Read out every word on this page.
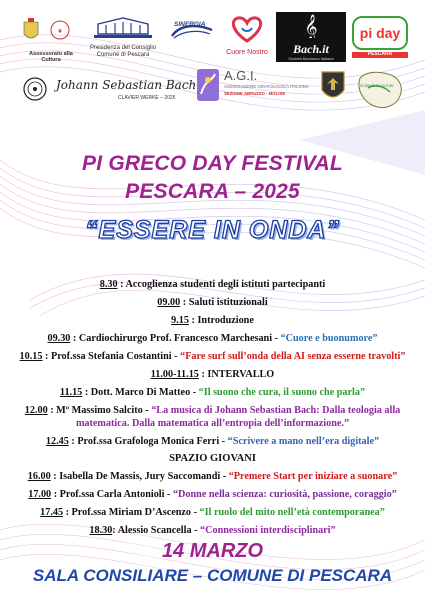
❦
Assessorato alla Cultura
Presidenza del Consiglio
Comune di Pescara
SINERGIA
Cuore Nostro
𝄞
Bach.it
Società Bachiana Italiana
pi day
PESCARA
Johann Sebastian Bach
CLAVIER WERKE – 2025
A.G.I.
ASSOCIAZIONE GRAFOLOGICA ITALIANA
SEZIONE ABRUZZO - MOLISE
SCIENZE DI FUTURI
PI GRECO DAY FESTIVAL
PESCARA – 2025
“ESSERE IN ONDA”
8.30 : Accoglienza studenti degli istituti partecipanti
09.00 : Saluti istituzionali
9.15 : Introduzione
09.30 : Cardiochirurgo Prof. Francesco Marchesani - “Cuore e buonumore”
10.15 : Prof.ssa Stefania Costantini - “Fare surf sull’onda della AI senza esserne travolti”
11.00-11.15 : INTERVALLO
11.15 : Dott. Marco Di Matteo - “Il suono che cura, il suono che parla”
12.00 : Mº Massimo Salcito - “La musica di Johann Sebastian Bach: Dalla teologia alla
matematica. Dalla matematica all’entropia dell’informazione.”
12.45 : Prof.ssa Grafologa Monica Ferri - “Scrivere a mano nell’era digitale”
SPAZIO GIOVANI
16.00 : Isabella De Massis, Jury Saccomandi - “Premere Start per iniziare a suonare”
17.00 : Prof.ssa Carla Antonioli - “Donne nella scienza: curiosità, passione, coraggio”
17.45 : Prof.ssa Miriam D’Ascenzo - “Il ruolo del mito nell’età contemporanea”
18.30: Alessio Scancella - “Connessioni interdisciplinari”
14 MARZO
SALA CONSILIARE – COMUNE DI PESCARA
